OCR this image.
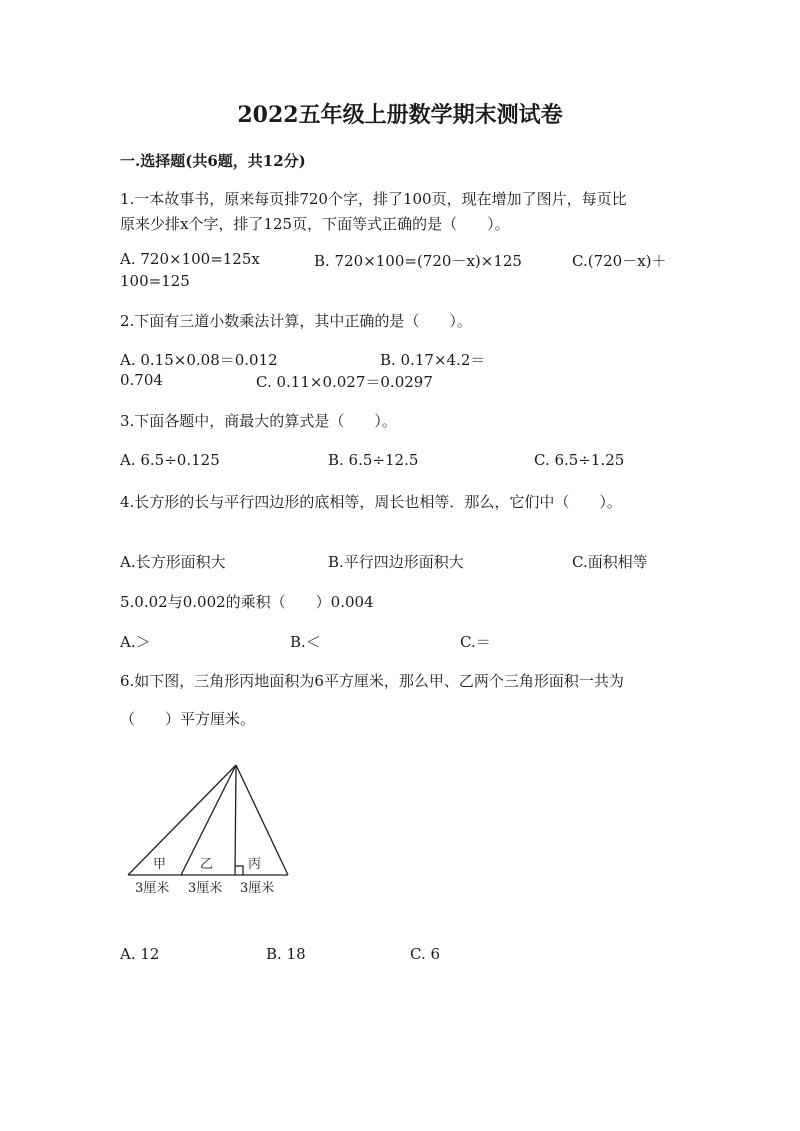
2022五年级上册数学期末测试卷
一.选择题(共6题，共12分)
1.一本故事书，原来每页排720个字，排了100页，现在增加了图片，每页比
原来少排x个字，排了125页，下面等式正确的是（　　）。
A. 720×100=125x	B. 720×100=(720－x)×125	C.(720－x)＋
100=125
2.下面有三道小数乘法计算，其中正确的是（　　）。
A. 0.15×0.08＝0.012	B. 0.17×4.2＝
0.704	C. 0.11×0.027＝0.0297
3.下面各题中，商最大的算式是（　　）。
A. 6.5÷0.125	B. 6.5÷12.5	C. 6.5÷1.25
4.长方形的长与平行四边形的底相等，周长也相等．那么，它们中（　　）。
A.长方形面积大	B.平行四边形面积大	C.面积相等
5.0.02与0.002的乘积（　　）0.004
A.＞	B.＜	C.＝
6.如下图，三角形丙地面积为6平方厘米，那么甲、乙两个三角形面积一共为
（　　）平方厘米。
甲	乙	丙
3厘米 3厘米 3厘米
A. 12	B. 18	C. 6
